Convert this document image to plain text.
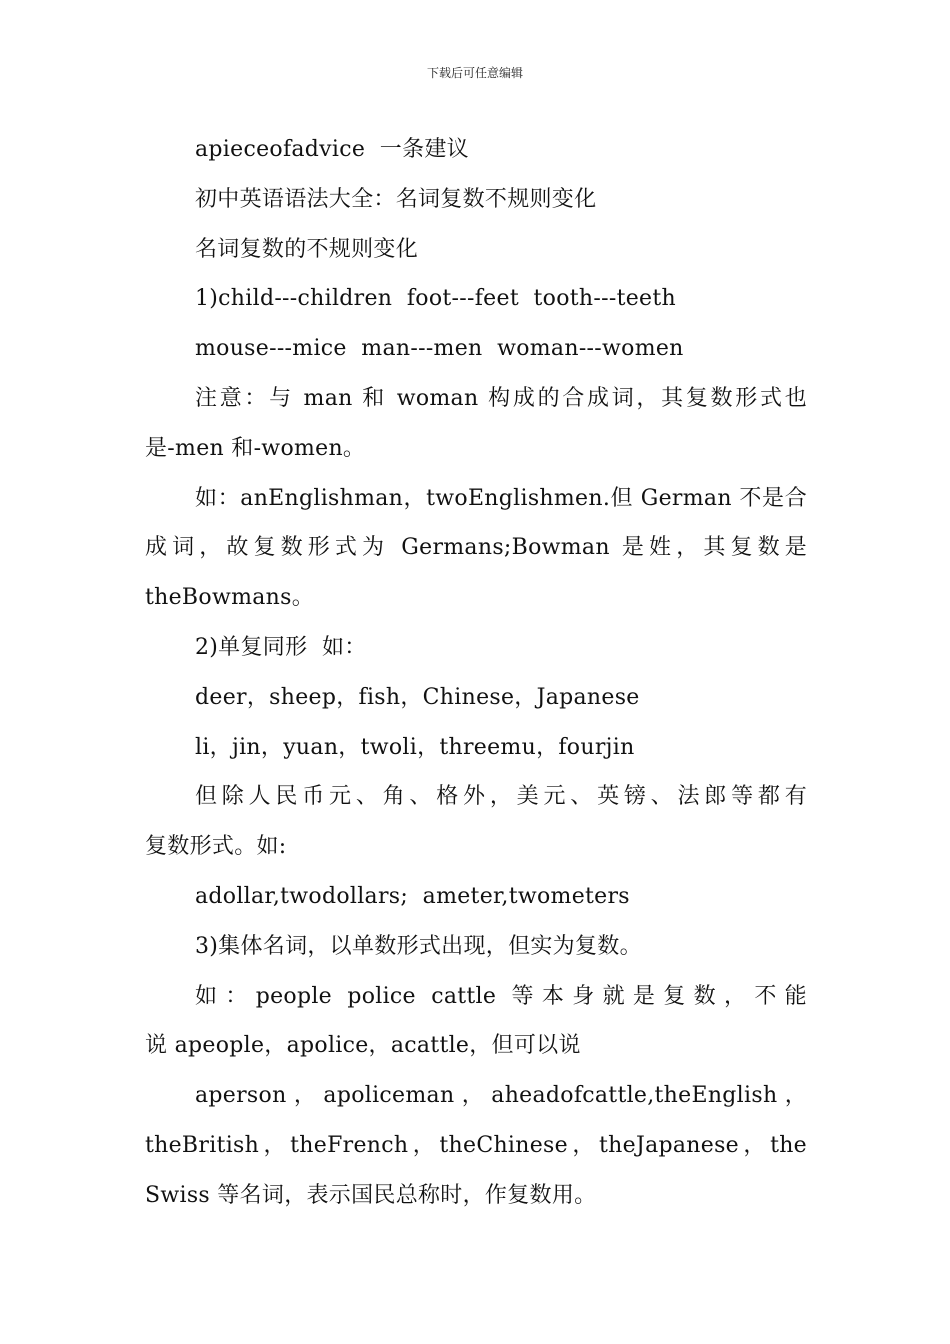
下载后可任意编辑
apieceofadvice  一条建议
初中英语语法大全：名词复数不规则变化
名词复数的不规则变化
1)child---children  foot---feet  tooth---teeth
mouse---mice  man---men  woman---women
注意：与 man 和 woman 构成的合成词，其复数形式也
是-men 和-women。
如：anEnglishman，twoEnglishmen.但 German 不是合
成词，故复数形式为 Germans;Bowman 是姓，其复数是
theBowmans。
2)单复同形  如：
deer，sheep，fish，Chinese，Japanese
li，jin，yuan，twoli，threemu，fourjin
但除人民币元、角、格外，美元、英镑、法郎等都有
复数形式。如:
adollar,twodollars;  ameter,twometers
3)集体名词，以单数形式出现，但实为复数。
如：people police cattle 等本身就是复数，不能
说 apeople，apolice，acattle，但可以说
aperson，apoliceman，aheadofcattle,theEnglish，
theBritish，theFrench，theChinese，theJapanese，the
Swiss 等名词，表示国民总称时，作复数用。
